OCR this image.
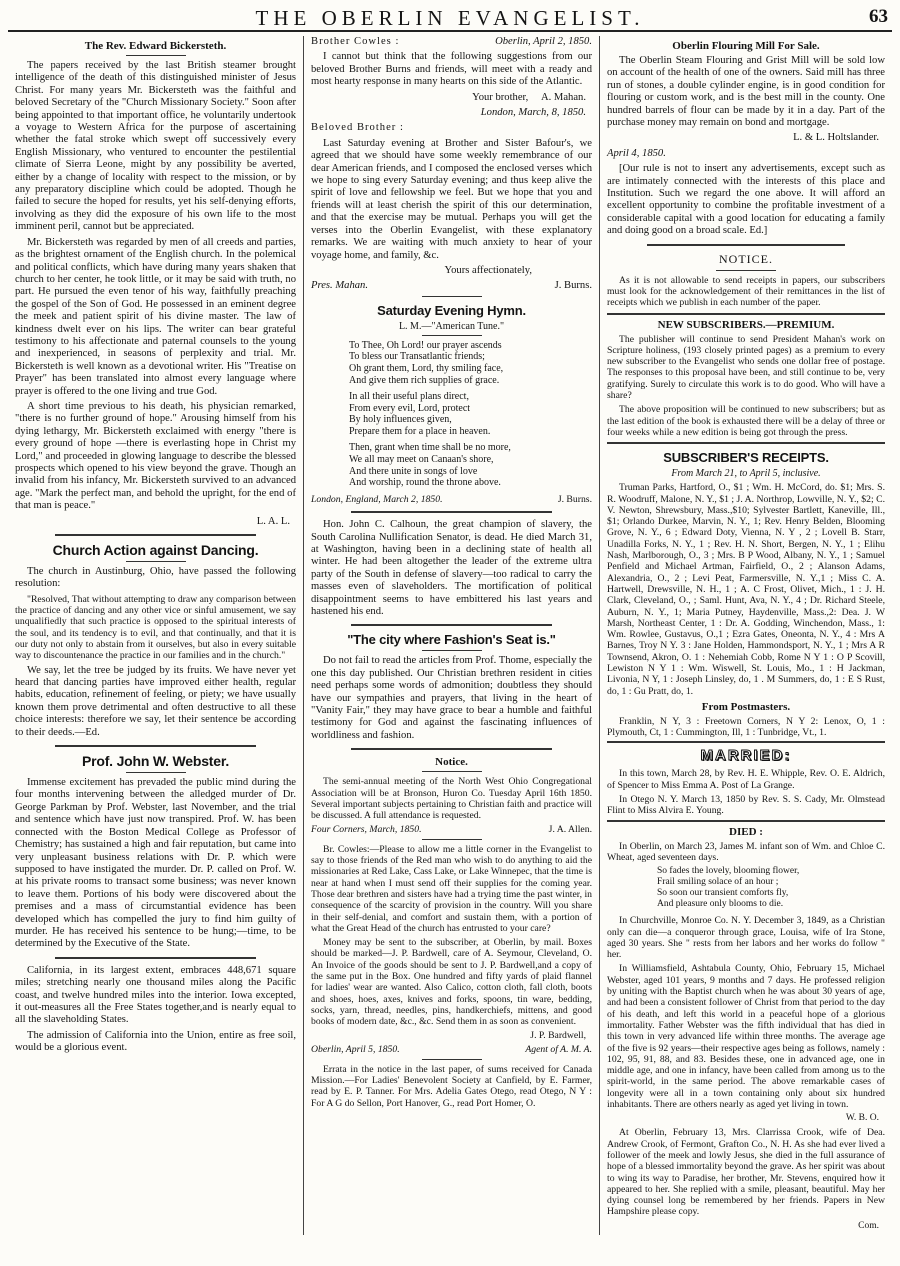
THE OBERLIN EVANGELIST.	63
The Rev. Edward Bickersteth.

The papers received by the last British steamer brought intelligence of the death of this distinguished minister of Jesus Christ. For many years Mr. Bickersteth was the faithful and beloved Secretary of the "Church Missionary Society." Soon after being appointed to that important office, he voluntarily undertook a voyage to Western Africa for the purpose of ascertaining whether the fatal stroke which swept off successively every English Missionary, who ventured to encounter the pestilential climate of Sierra Leone, might by any possibility be averted, either by a change of locality with respect to the mission, or by any preparatory discipline which could be adopted. Though he failed to secure the hoped for results, yet his self-denying efforts, involving as they did the exposure of his own life to the most imminent peril, cannot but be appreciated.

Mr. Bickersteth was regarded by men of all creeds and parties, as the brightest ornament of the English church. In the polemical and political conflicts, which have during many years shaken that church to her center, he took little, or it may be said with truth, no part. He pursued the even tenor of his way, faithfully preaching the gospel of the Son of God. He possessed in an eminent degree the meek and patient spirit of his divine master. The law of kindness dwelt ever on his lips. The writer can bear grateful testimony to his affectionate and paternal counsels to the young and inexperienced, in seasons of perplexity and trial. Mr. Bickersteth is well known as a devotional writer. His "Treatise on Prayer" has been translated into almost every language where prayer is offered to the one living and true God.

A short time previous to his death, his physician remarked, "there is no further ground of hope." Arousing himself from his dying lethargy, Mr. Bickersteth exclaimed with energy "there is every ground of hope —there is everlasting hope in Christ my Lord," and proceeded in glowing language to describe the blessed prospects which opened to his view beyond the grave. Though an invalid from his infancy, Mr. Bickersteth survived to an advanced age. "Mark the perfect man, and behold the upright, for the end of that man is peace."

L. A. L.
Church Action against Dancing.

The church in Austinburg, Ohio, have passed the following resolution:

"Resolved, That without attempting to draw any comparison between the practice of dancing and any other vice or sinful amusement, we say unqualifiedly that such practice is opposed to the spiritual interests of the soul, and its tendency is to evil, and that continually, and that it is our duty not only to abstain from it ourselves, but also in every suitable way to discountenance the practice in our families and in the church."

We say, let the tree be judged by its fruits. We have never yet heard that dancing parties have improved either health, regular habits, education, refinement of feeling, or piety; we have usually known them prove detrimental and often destructive to all these choice interests: therefore we say, let their sentence be according to their deeds.—Ed.

Prof. John W. Webster.

Immense excitement has prevaded the public mind during the four months intervening between the alledged murder of Dr. George Parkman by Prof. Webster, last November, and the trial and sentence which have just now transpired. Prof. W. has been connected with the Boston Medical College as Professor of Chemistry; has sustained a high and fair reputation, but came into very unpleasant business relations with Dr. P. which were supposed to have instigated the murder. Dr. P. called on Prof. W. at his private rooms to transact some business; was never known to leave them. Portions of his body were discovered about the premises and a mass of circumstantial evidence has been developed which has compelled the jury to find him guilty of murder. He has received his sentence to be hung;—time, to be determined by the Executive of the State.

California, in its largest extent, embraces 448,671 square miles; stretching nearly one thousand miles along the Pacific coast, and twelve hundred miles into the interior. Iowa excepted, it out-measures all the Free States together,and is nearly equal to all the slaveholding States.

The admission of California into the Union, entire as free soil, would be a glorious event.

Brother Cowles :	Oberlin, April 2, 1850.

I cannot but think that the following suggestions from our beloved Brother Burns and friends, will meet with a ready and most hearty response in many hearts on this side of the Atlantic.

Your brother, A. Mahan.
London, March, 8, 1850.

Beloved Brother :

Last Saturday evening at Brother and Sister Bafour's, we agreed that we should have some weekly remembrance of our dear American friends, and I composed the enclosed verses which we hope to sing every Saturday evening; and thus keep alive the spirit of love and fellowship we feel. But we hope that you and friends will at least cherish the spirit of this our determination, and that the exercise may be mutual. Perhaps you will get the verses into the Oberlin Evangelist, with these explanatory remarks. We are waiting with much anxiety to hear of your voyage home, and family, &c.

Yours affectionately,
Pres. Mahan.	J. Burns.
Saturday Evening Hymn.
L. M.—"American Tune."
To Thee, Oh Lord! our prayer ascends
To bless our Transatlantic friends;
Oh grant them, Lord, thy smiling face,
And give them rich supplies of grace.
In all their useful plans direct,
From every evil, Lord, protect
By holy influences given,
Prepare them for a place in heaven.
Then, grant when time shall be no more,
We all may meet on Canaan's shore,
And there unite in songs of love
And worship, round the throne above.
London, England, March 2, 1850.	J. Burns.

Hon. John C. Calhoun, the great champion of slavery, the South Carolina Nullification Senator, is dead. He died March 31, at Washington, having been in a declining state of health all winter. He had been altogether the leader of the extreme ultra party of the South in defense of slavery—too radical to carry the masses even of slaveholders. The mortification of political disappointment seems to have embittered his last years and hastened his end.

"The city where Fashion's Seat is."

Do not fail to read the articles from Prof. Thome, especially the one this day published. Our Christian brethren resident in cities need perhaps some words of admonition; doubtless they should have our sympathies and prayers, that living in the heart of "Vanity Fair," they may have grace to bear a humble and faithful testimony for God and against the fascinating influences of worldliness and fashion.

Notice.

The semi-annual meeting of the North West Ohio Congregational Association will be at Bronson, Huron Co. Tuesday April 16th 1850. Several important subjects pertaining to Christian faith and practice will be discussed. A full attendance is requested.

Four Corners, March, 1850.	J. A. Allen.

Br. Cowles:—Please to allow me a little corner in the Evangelist to say to those friends of the Red man who wish to do anything to aid the missionaries at Red Lake, Cass Lake, or Lake Winnepec, that the time is near at hand when I must send off their supplies for the coming year. Those dear brethren and sisters have had a trying time the past winter, in consequence of the scarcity of provision in the country. Will you share in their self-denial, and comfort and sustain them, with a portion of what the Great Head of the church has entrusted to your care?

Money may be sent to the subscriber, at Oberlin, by mail. Boxes should be marked—J. P. Bardwell, care of A. Seymour, Cleveland, O. An Invoice of the goods should be sent to J. P. Bardwell,and a copy of the same put in the Box. One hundred and fifty yards of plaid flannel for ladies' wear are wanted. Also Calico, cotton cloth, fall cloth, boots and shoes, hoes, axes, knives and forks, spoons, tin ware, bedding, socks, yarn, thread, needles, pins, handkerchiefs, mittens, and good books of modern date, &c., &c. Send them in as soon as convenient.

J. P. Bardwell,
Oberlin, April 5, 1850.	Agent of A. M. A.

Errata in the notice in the last paper, of sums received for Canada Mission.—For Ladies' Benevolent Society at Canfield, by E. Farmer, read by E. P. Tanner. For Mrs. Adelia Gates Otego, read Otego, N Y : For A G do Sellon, Port Hanover, G., read Port Homer, O.

Oberlin Flouring Mill For Sale.

The Oberlin Steam Flouring and Grist Mill will be sold low on account of the health of one of the owners. Said mill has three run of stones, a double cylinder engine, is in good condition for flouring or custom work, and is the best mill in the county. One hundred barrels of flour can be made by it in a day. Part of the purchase money may remain on bond and mortgage.

L. & L. Holtslander.

April 4, 1850.

[Our rule is not to insert any advertisements, except such as are intimately connected with the interests of this place and Institution. Such we regard the one above. It will afford an excellent opportunity to combine the profitable investment of a considerable capital with a good location for educating a family and doing good on a broad scale. Ed.]

NOTICE.

As it is not allowable to send receipts in papers, our subscribers must look for the acknowledgement of their remittances in the list of receipts which we publish in each number of the paper.

NEW SUBSCRIBERS.—PREMIUM.

The publisher will continue to send President Mahan's work on Scripture holiness, (193 closely printed pages) as a premium to every new subscriber to the Evangelist who sends one dollar free of postage. The responses to this proposal have been, and still continue to be, very gratifying. Surely to circulate this work is to do good. Who will have a share?

The above proposition will be continued to new subscribers; but as the last edition of the book is exhausted there will be a delay of three or four weeks while a new edition is being got through the press.

SUBSCRIBER'S RECEIPTS.
From March 21, to April 5, inclusive.

Truman Parks, Hartford, O., $1 ; Wm. H. McCord, do. $1; Mrs. S. R. Woodruff, Malone, N. Y., $1 ; J. A. Northrop, Lowville, N. Y., $2; C. V. Newton, Shrewsbury, Mass.,$10; Sylvester Bartlett, Kaneville, Ill., $1; Orlando Durkee, Marvin, N. Y., 1; Rev. Henry Belden, Blooming Grove, N. Y., 6 ; Edward Doty, Vienna, N. Y , 2 ; Lovell B. Starr, Unadilla Forks, N. Y., 1 ; Rev. H. N. Short, Bergen, N. Y., 1 ; Elihu Nash, Marlborough, O., 3 ; Mrs. B P Wood, Albany, N. Y., 1 ; Samuel Penfield and Michael Artman, Fairfield, O., 2 ; Alanson Adams, Alexandria, O., 2 ; Levi Peat, Farmersville, N. Y.,1 ; Miss C. A. Hartwell, Drewsville, N. H., 1 ; A. C Frost, Olivet, Mich., 1 : J. H. Clark, Cleveland, O., ; Saml. Hunt, Ava, N. Y., 4 ; Dr. Richard Steele, Auburn, N. Y., 1; Maria Putney, Haydenville, Mass.,2: Dea. J. W Marsh, Northeast Center, 1 : Dr. A. Godding, Winchendon, Mass., 1: Wm. Rowlee, Gustavus, O.,1 ; Ezra Gates, Oneonta, N. Y., 4 : Mrs A Barnes, Troy N Y. 3 : Jane Holden, Hammondsport, N. Y., 1 ; Mrs A R Townsend, Akron, O. 1 : Nehemiah Cobb, Rome N Y 1 : O P Scovill, Lewiston N Y 1 : Wm. Wiswell, St. Louis, Mo., 1 : H Jackman, Livonia, N Y, 1 : Joseph Linsley, do, 1 . M Summers, do, 1 : E S Rust, do, 1 : Gu Pratt, do, 1.

From Postmasters.

Franklin, N Y, 3 : Freetown Corners, N Y 2: Lenox, O, 1 : Plymouth, Ct, 1 : Cummington, Ill, 1 : Tunbridge, Vt., 1.

MARRIED:

In this town, March 28, by Rev. H. E. Whipple, Rev. O. E. Aldrich, of Spencer to Miss Emma A. Post of La Grange.

In Otego N. Y. March 13, 1850 by Rev. S. S. Cady, Mr. Olmstead Flint to Miss Alvira E. Young.

DIED :

In Oberlin, on March 23, James M. infant son of Wm. and Chloe C. Wheat, aged seventeen days.

So fades the lovely, blooming flower,
Frail smiling solace of an hour ;
So soon our transient comforts fly,
And pleasure only blooms to die.

In Churchville, Monroe Co. N. Y. December 3, 1849, as a Christian only can die—a conqueror through grace, Louisa, wife of Ira Stone, aged 30 years. She " rests from her labors and her works do follow " her.

In Williamsfield, Ashtabula County, Ohio, February 15, Michael Webster, aged 101 years, 9 months and 7 days. He professed religion by uniting with the Baptist church when he was about 30 years of age, and had been a consistent follower of Christ from that period to the day of his death, and left this world in a peaceful hope of a glorious immortality. Father Webster was the fifth individual that has died in this town in very advanced life within three months. The average age of the five is 92 years—their respective ages being as follows, namely : 102, 95, 91, 88, and 83. Besides these, one in advanced age, one in middle age, and one in infancy, have been called from among us to the spirit-world, in the same period. The above remarkable cases of longevity were all in a town containing only about six hundred inhabitants. There are others nearly as aged yet living in town.

W. B. O.

At Oberlin, February 13, Mrs. Clarrissa Crook, wife of Dea. Andrew Crook, of Fermont, Grafton Co., N. H. As she had ever lived a follower of the meek and lowly Jesus, she died in the full assurance of hope of a blessed immortality beyond the grave. As her spirit was about to wing its way to Paradise, her brother, Mr. Stevens, enquired how it appeared to her. She replied with a smile, pleasant, beautiful. May her dying counsel long be remembered by her friends. Papers in New Hampshire please copy.

Com.
